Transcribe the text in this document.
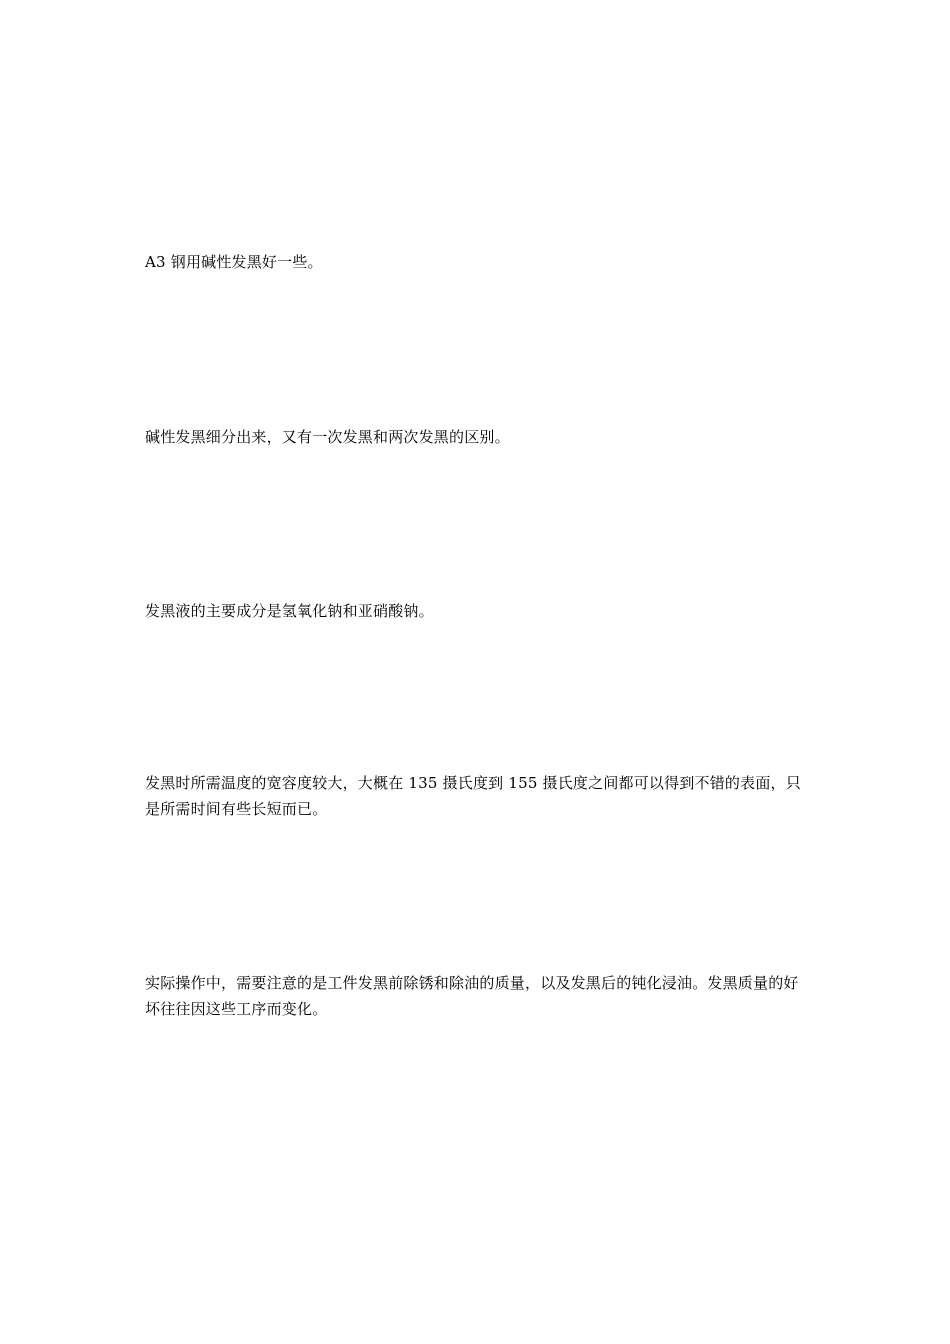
A3 钢用碱性发黑好一些。

碱性发黑细分出来，又有一次发黑和两次发黑的区别。

发黑液的主要成分是氢氧化钠和亚硝酸钠。

发黑时所需温度的宽容度较大，大概在 135 摄氏度到 155 摄氏度之间都可以得到不错的表面，只是所需时间有些长短而已。

实际操作中，需要注意的是工件发黑前除锈和除油的质量，以及发黑后的钝化浸油。发黑质量的好坏往往因这些工序而变化。
